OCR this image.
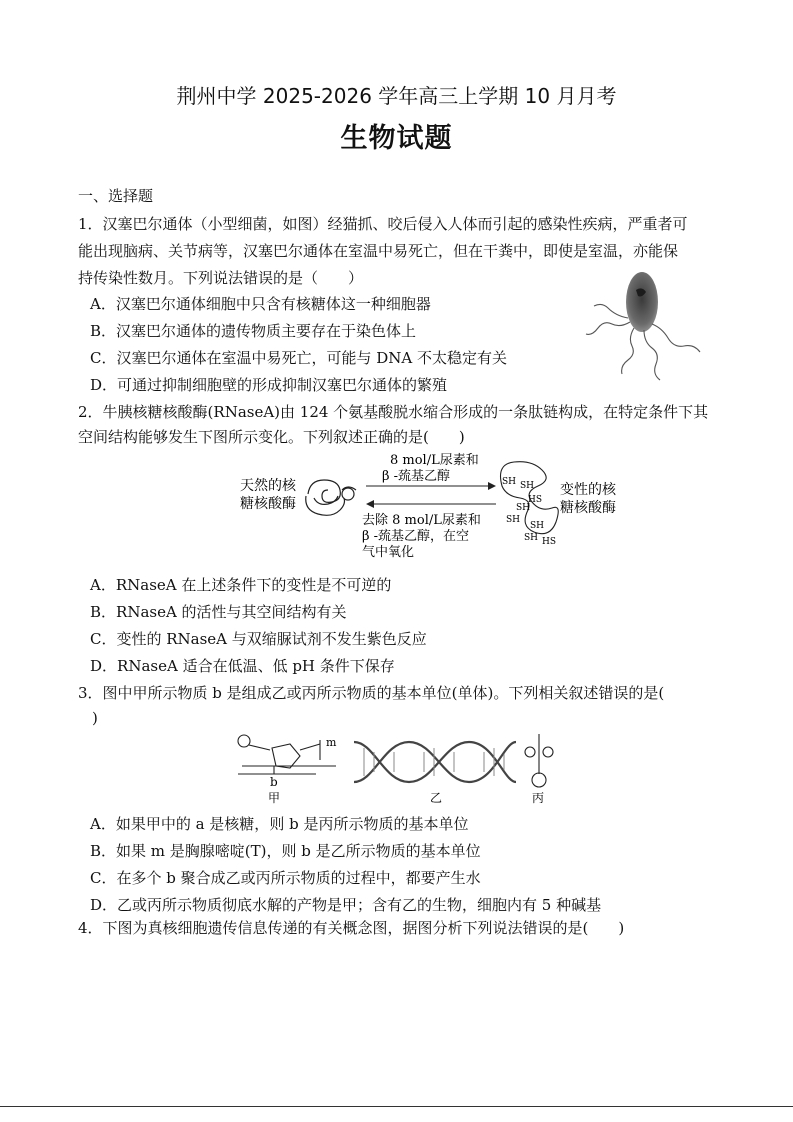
荆州中学 2025-2026 学年高三上学期 10 月月考
生物试题
一、选择题
1．汉塞巴尔通体（小型细菌，如图）经猫抓、咬后侵入人体而引起的感染性疾病，严重者可
能出现脑病、关节病等，汉塞巴尔通体在室温中易死亡，但在干粪中，即使是室温，亦能保
持传染性数月。下列说法错误的是（　　）
A．汉塞巴尔通体细胞中只含有核糖体这一种细胞器
B．汉塞巴尔通体的遗传物质主要存在于染色体上
C．汉塞巴尔通体在室温中易死亡，可能与 DNA 不太稳定有关
D．可通过抑制细胞壁的形成抑制汉塞巴尔通体的繁殖
2．牛胰核糖核酸酶(RNaseA)由 124 个氨基酸脱水缩合形成的一条肽链构成，在特定条件下其
空间结构能够发生下图所示变化。下列叙述正确的是(　　)
天然的核
糖核酸酶
8 mol/L尿素和
β -巯基乙醇
去除 8 mol/L尿素和
β -巯基乙醇，在空
气中氧化
SH SH
HS
SH
SH
SH
SH HS
变性的核
糖核酸酶
A．RNaseA 在上述条件下的变性是不可逆的
B．RNaseA 的活性与其空间结构有关
C．变性的 RNaseA 与双缩脲试剂不发生紫色反应
D．RNaseA 适合在低温、低 pH 条件下保存
3．图中甲所示物质 b 是组成乙或丙所示物质的基本单位(单体)。下列相关叙述错误的是(
)
m
b
甲	乙	丙
A．如果甲中的 a 是核糖，则 b 是丙所示物质的基本单位
B．如果 m 是胸腺嘧啶(T)，则 b 是乙所示物质的基本单位
C．在多个 b 聚合成乙或丙所示物质的过程中，都要产生水
D．乙或丙所示物质彻底水解的产物是甲；含有乙的生物，细胞内有 5 种碱基
4．下图为真核细胞遗传信息传递的有关概念图，据图分析下列说法错误的是(　　)
